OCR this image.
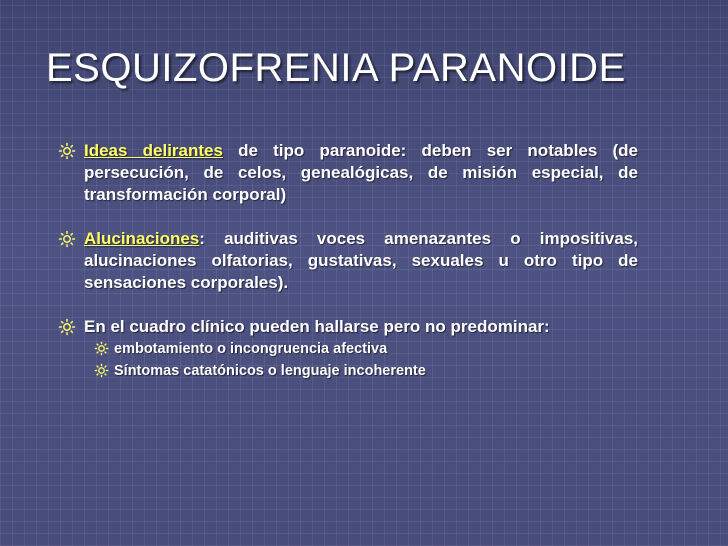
ESQUIZOFRENIA PARANOIDE
Ideas delirantes de tipo paranoide: deben ser notables (de persecución, de celos, genealógicas, de misión especial, de transformación corporal)
Alucinaciones: auditivas voces amenazantes o impositivas, alucinaciones olfatorias, gustativas, sexuales u otro tipo de sensaciones corporales).
En el cuadro clínico pueden hallarse pero no predominar:
embotamiento o incongruencia afectiva
Síntomas catatónicos o lenguaje incoherente
